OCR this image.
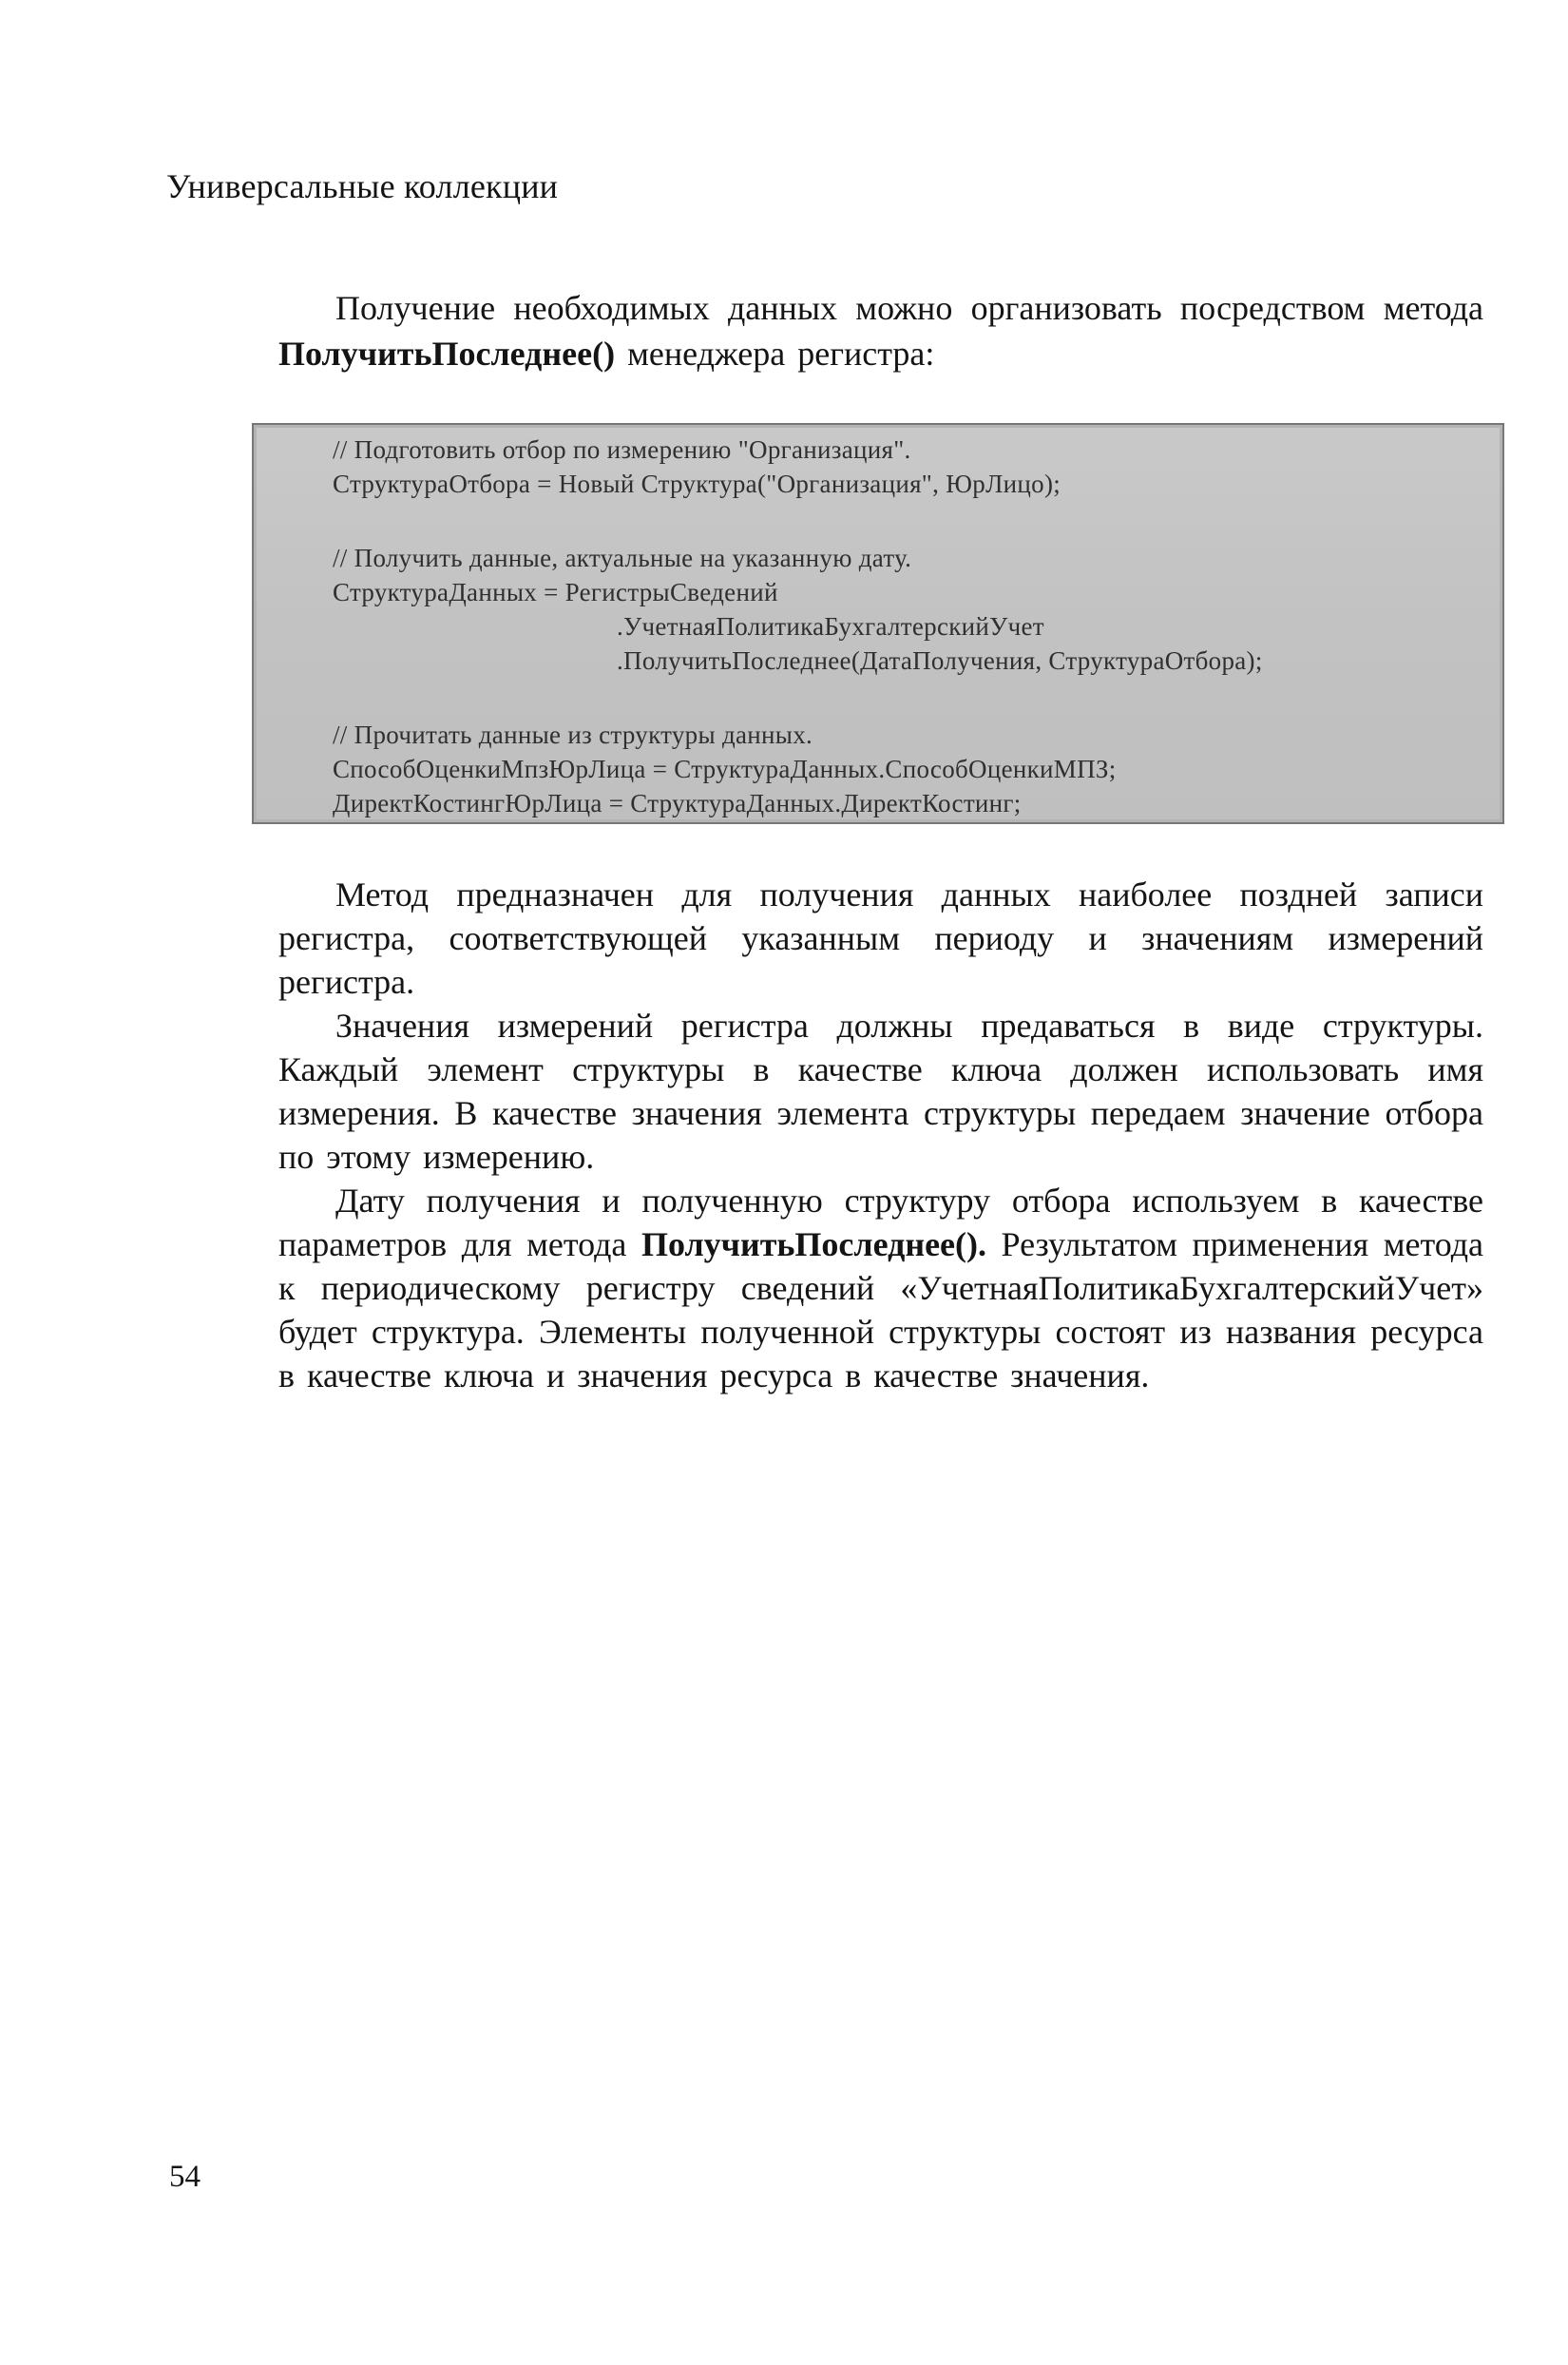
Универсальные коллекции

Получение необходимых данных можно организовать посредством метода ПолучитьПоследнее() менеджера регистра:

// Подготовить отбор по измерению "Организация".
СтруктураОтбора = Новый Структура("Организация", ЮрЛицо);
// Получить данные, актуальные на указанную дату.
СтруктураДанных = РегистрыСведений
.УчетнаяПолитикаБухгалтерскийУчет
.ПолучитьПоследнее(ДатаПолучения, СтруктураОтбора);
// Прочитать данные из структуры данных.
СпособОценкиМпзЮрЛица = СтруктураДанных.СпособОценкиМПЗ;
ДиректКостингЮрЛица = СтруктураДанных.ДиректКостинг;

Метод предназначен для получения данных наиболее поздней записи регистра, соответствующей указанным периоду и значениям измерений регистра.

Значения измерений регистра должны предаваться в виде структуры. Каждый элемент структуры в качестве ключа должен использовать имя измерения. В качестве значения элемента структуры передаем значение отбора по этому измерению.

Дату получения и полученную структуру отбора используем в качестве параметров для метода ПолучитьПоследнее(). Результатом применения метода к периодическому регистру сведений «УчетнаяПолитикаБухгалтерскийУчет» будет структура. Элементы полученной структуры состоят из названия ресурса в качестве ключа и значения ресурса в качестве значения.

54
